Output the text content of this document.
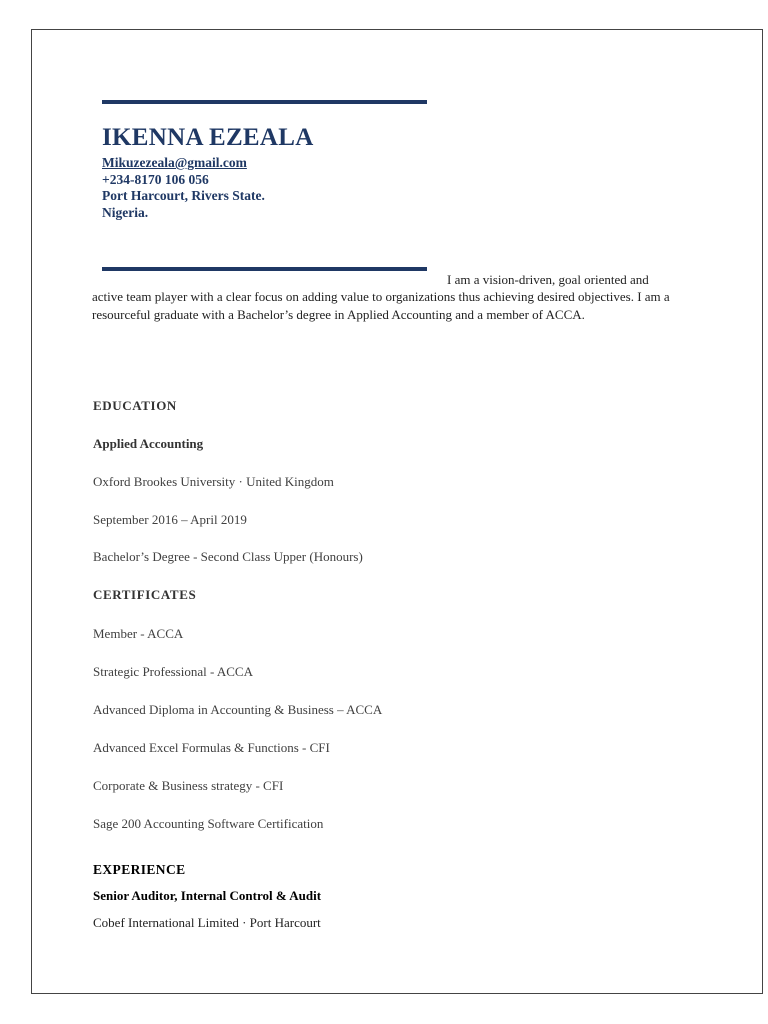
IKENNA EZEALA
Mikuzezeala@gmail.com
+234-8170 106 056
Port Harcourt, Rivers State.
Nigeria.

I am a vision-driven, goal oriented and active team player with a clear focus on adding value to organizations thus achieving desired objectives. I am a resourceful graduate with a Bachelor’s degree in Applied Accounting and a member of ACCA.

EDUCATION
Applied Accounting
Oxford Brookes University · United Kingdom
September 2016 – April 2019
Bachelor’s Degree - Second Class Upper (Honours)
CERTIFICATES
Member - ACCA
Strategic Professional - ACCA
Advanced Diploma in Accounting & Business – ACCA
Advanced Excel Formulas & Functions - CFI
Corporate & Business strategy - CFI
Sage 200 Accounting Software Certification
EXPERIENCE
Senior Auditor, Internal Control & Audit
Cobef International Limited · Port Harcourt
